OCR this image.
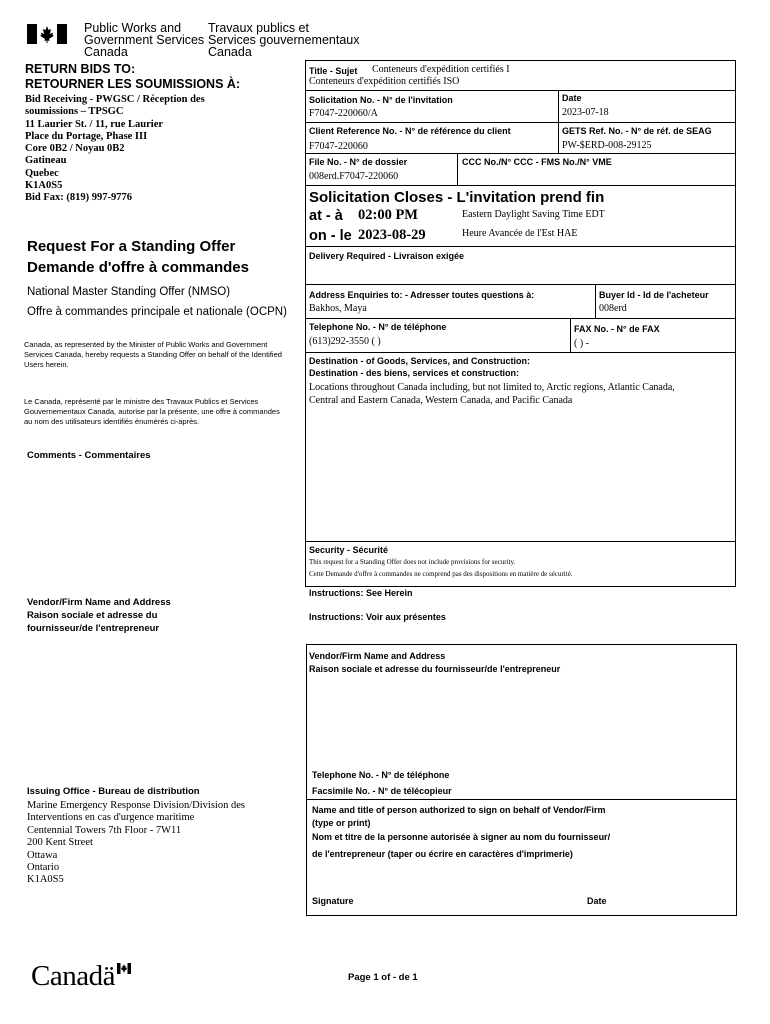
Public Works and
Government Services
Canada
Travaux publics et
Services gouvernementaux
Canada
RETURN BIDS TO:
RETOURNER LES SOUMISSIONS À:
Bid Receiving - PWGSC / Réception des
soumissions – TPSGC
11 Laurier St. / 11, rue Laurier
Place du Portage, Phase III
Core 0B2 / Noyau 0B2
Gatineau
Quebec
K1A0S5
Bid Fax: (819) 997-9776
Request For a Standing Offer
Demande d'offre à commandes
National Master Standing Offer (NMSO)
Offre à commandes principale et nationale (OCPN)
Canada, as represented by the Minister of Public Works and Government Services Canada, hereby requests a Standing Offer on behalf of the Identified Users herein.
Le Canada, représenté par le ministre des Travaux Publics et Services Gouvernementaux Canada, autorise par la présente, une offre à commandes au nom des utilisateurs identifiés énumérés ci-après.
Comments - Commentaires
Vendor/Firm Name and Address
Raison sociale et adresse du
fournisseur/de l'entrepreneur
Issuing Office - Bureau de distribution
Marine Emergency Response Division/Division des
Interventions en cas d'urgence maritime
Centennial Towers 7th Floor - 7W11
200 Kent Street
Ottawa
Ontario
K1A0S5
Title - Sujet Conteneurs d'expédition certifiés I
Conteneurs d'expédition certifiés ISO
Solicitation No. - N° de l'invitation
F7047-220060/A
Date
2023-07-18
Client Reference No. - N° de référence du client
F7047-220060
GETS Ref. No. - N° de réf. de SEAG
PW-$ERD-008-29125
File No. - N° de dossier
008erd.F7047-220060
CCC No./N° CCC - FMS No./N° VME
Solicitation Closes - L'invitation prend fin
at - à 02:00 PM	Eastern Daylight Saving Time EDT
on - le 2023-08-29	Heure Avancée de l'Est HAE
Delivery Required - Livraison exigée
Address Enquiries to: - Adresser toutes questions à:
Bakhos, Maya
Buyer Id - Id de l'acheteur
008erd
Telephone No. - N° de téléphone
(613)292-3550 ( )
FAX No. - N° de FAX
( ) -
Destination - of Goods, Services, and Construction:
Destination - des biens, services et construction:
Locations throughout Canada including, but not limited to, Arctic regions, Atlantic Canada,
Central and Eastern Canada, Western Canada, and Pacific Canada
Security - Sécurité
This request for a Standing Offer does not include provisions for security.
Cette Demande d'offre à commandes ne comprend pas des dispositions en matière de sécurité.
Instructions: See Herein
Instructions: Voir aux présentes
Vendor/Firm Name and Address
Raison sociale et adresse du fournisseur/de l'entrepreneur
Telephone No. - N° de téléphone
Facsimile No. - N° de télécopieur
Name and title of person authorized to sign on behalf of Vendor/Firm
(type or print)
Nom et titre de la personne autorisée à signer au nom du fournisseur/
de l'entrepreneur (taper ou écrire en caractères d'imprimerie)
Signature	Date
Canadä	Page 1 of - de 1
